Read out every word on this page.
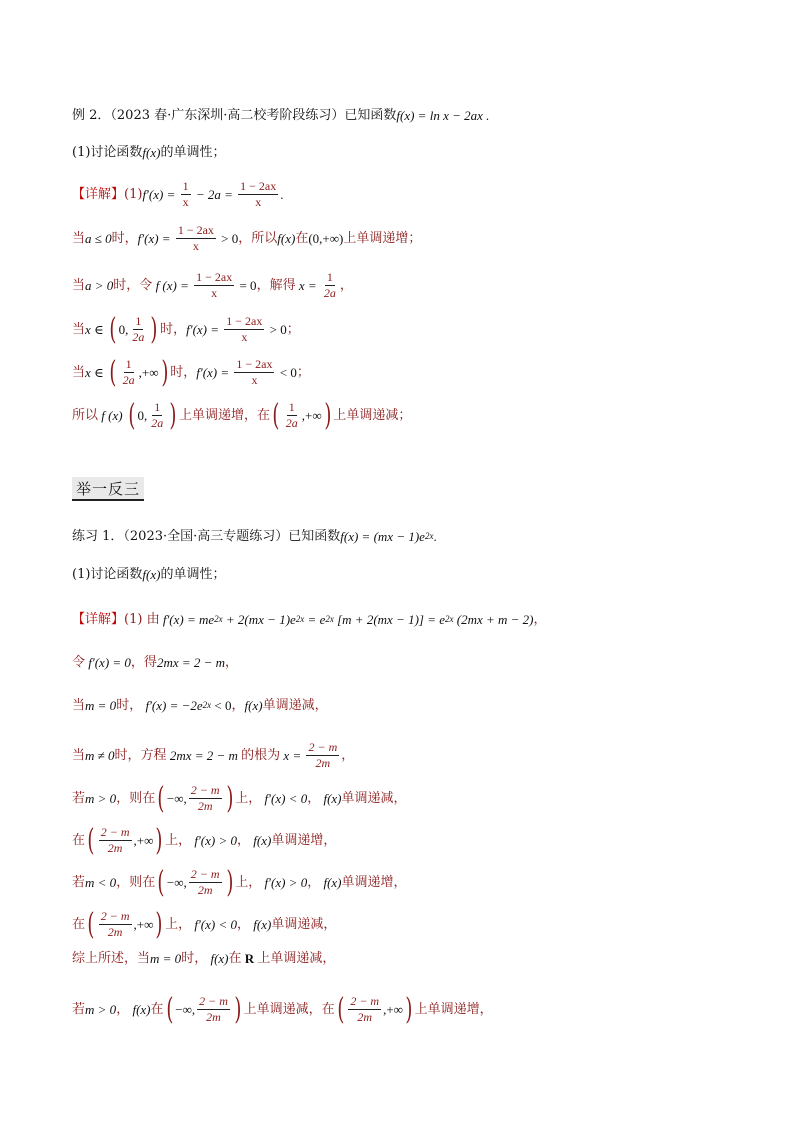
例 2．（2023 春·广东深圳·高二校考阶段练习）已知函数 f(x) = ln x − 2ax .
(1)讨论函数 f(x) 的单调性；
【详解】 (1) $f'(x) = \frac{1}{x} - 2a = \frac{1 - 2ax}{x}$ .
当 a ≤ 0 时， $f'(x) = \frac{1 - 2ax}{x} > 0$ ，所以 f(x) 在 (0,+∞) 上单调递增；
当 a > 0 时，令 f $(x) = \frac{1 - 2ax}{x} = 0$ ，解得 $x = \frac{1}{2a}$ ，
当 x ∈ ( 0, $\frac{1}{2a}$ ) 时， $f'(x) = \frac{1 - 2ax}{x} > 0$ ；
当 x ∈ ( $\frac{1}{2a}$ ,+∞ ) 时， $f'(x) = \frac{1 - 2ax}{x} < 0$ ；
所以 f (x) ( 0, $\frac{1}{2a}$ ) 上单调递增，在 ( $\frac{1}{2a}$ ,+∞ ) 上单调递减；
举一反三
练习 1．（2023·全国·高三专题练习）已知函数 f(x) = (mx − 1)e 2x .
(1)讨论函数 f(x) 的单调性；
【详解】 (1) 由 f′(x) = me 2x + 2(mx − 1)e 2x = e 2x [m + 2(mx − 1)] = e 2x (2mx + m − 2) ，
令 f′(x) = 0 ，得 2mx = 2 − m ，
当 m = 0 时， f′(x) = −2e 2x < 0 ， f(x) 单调递减，
当 m ≠ 0 时，方程 2mx = 2 − m 的根为 $x = \frac{2 - m}{2m}$ ，
若 m > 0 ，则在 ( −∞, $\frac{2 - m}{2m}$ ) 上， f′(x) < 0 ， f(x) 单调递减，
在 ( $\frac{2 - m}{2m}$ ,+∞ ) 上， f′(x) > 0 ， f(x) 单调递增，
若 m < 0 ，则在 ( −∞, $\frac{2 - m}{2m}$ ) 上， f′(x) > 0 ， f(x) 单调递增，
在 ( $\frac{2 - m}{2m}$ ,+∞ ) 上， f′(x) < 0 ， f(x) 单调递减，
综上所述，当 m = 0 时， f(x) 在 R 上单调递减，
若 m > 0 ， f(x) 在 ( −∞, $\frac{2 - m}{2m}$ ) 上单调递减，在 ( $\frac{2 - m}{2m}$ ,+∞ ) 上单调递增，
